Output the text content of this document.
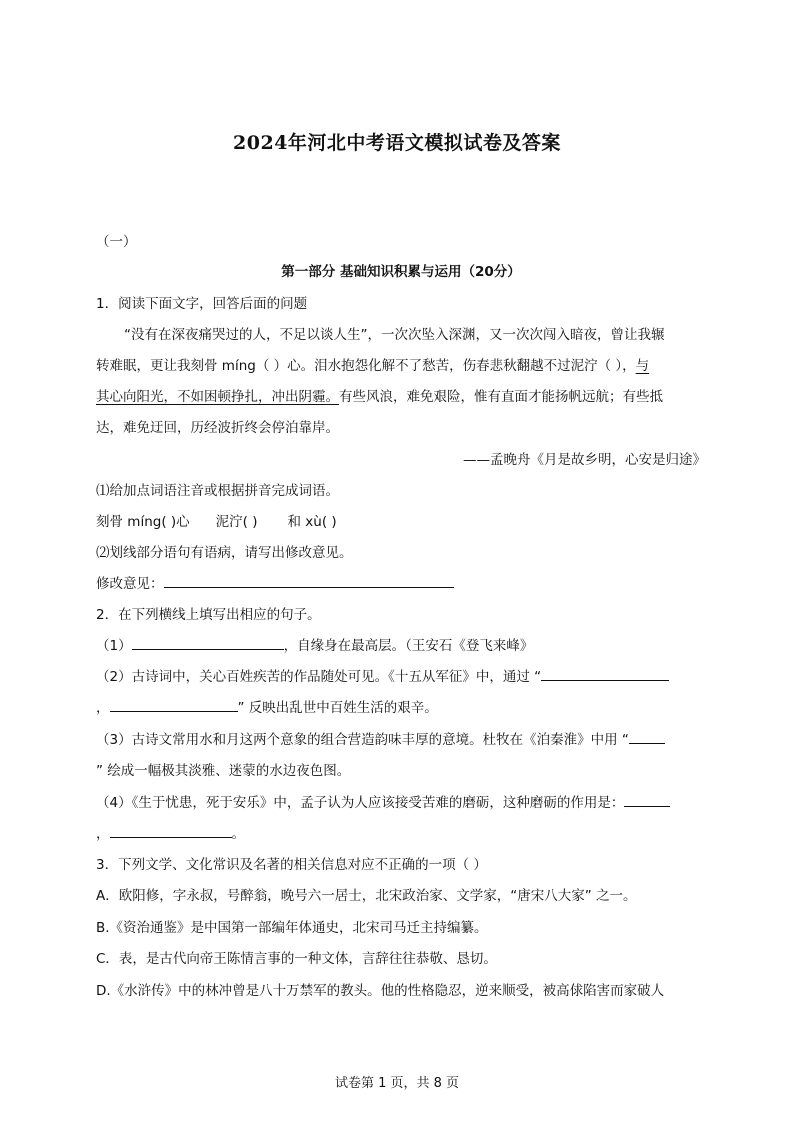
2024年河北中考语文模拟试卷及答案
（一）
第一部分 基础知识积累与运用（20分）
1．阅读下面文字，回答后面的问题
“没有在深夜痛哭过的人，不足以谈人生”，一次次坠入深渊，又一次次闯入暗夜，曾让我辗
转难眠，更让我刻骨 míng（ ）心。泪水抱怨化解不了愁苦，伤春悲秋翻越不过泥泞（ ），与
其心向阳光，不如困顿挣扎，冲出阴霾。有些风浪，难免艰险，惟有直面才能扬帆远航；有些抵
达，难免迂回，历经波折终会停泊靠岸。
——孟晚舟《月是故乡明，心安是归途》
⑴给加点词语注音或根据拼音完成词语。
刻骨 míng( )心 泥泞( ) 和 xù( )
⑵划线部分语句有语病，请写出修改意见。
修改意见：
2．在下列横线上填写出相应的句子。
（1）	，自缘身在最高层。（王安石《登飞来峰》
（2）古诗词中，关心百姓疾苦的作品随处可见。《十五从军征》中，通过 “
，	” 反映出乱世中百姓生活的艰辛。
（3）古诗文常用水和月这两个意象的组合营造韵味丰厚的意境。杜牧在《泊秦淮》中用 “
” 绘成一幅极其淡雅、迷蒙的水边夜色图。
（4）《生于忧患，死于安乐》中，孟子认为人应该接受苦难的磨砺，这种磨砺的作用是：
，	。
3．下列文学、文化常识及名著的相关信息对应不正确的一项（ ）
A．欧阳修，字永叔，号醉翁，晚号六一居士，北宋政治家、文学家，“唐宋八大家” 之一。
B.《资治通鉴》是中国第一部编年体通史，北宋司马迁主持编纂。
C．表，是古代向帝王陈情言事的一种文体，言辞往往恭敬、恳切。
D.《水浒传》中的林冲曾是八十万禁军的教头。他的性格隐忍，逆来顺受，被高俅陷害而家破人
试卷第 1 页，共 8 页
